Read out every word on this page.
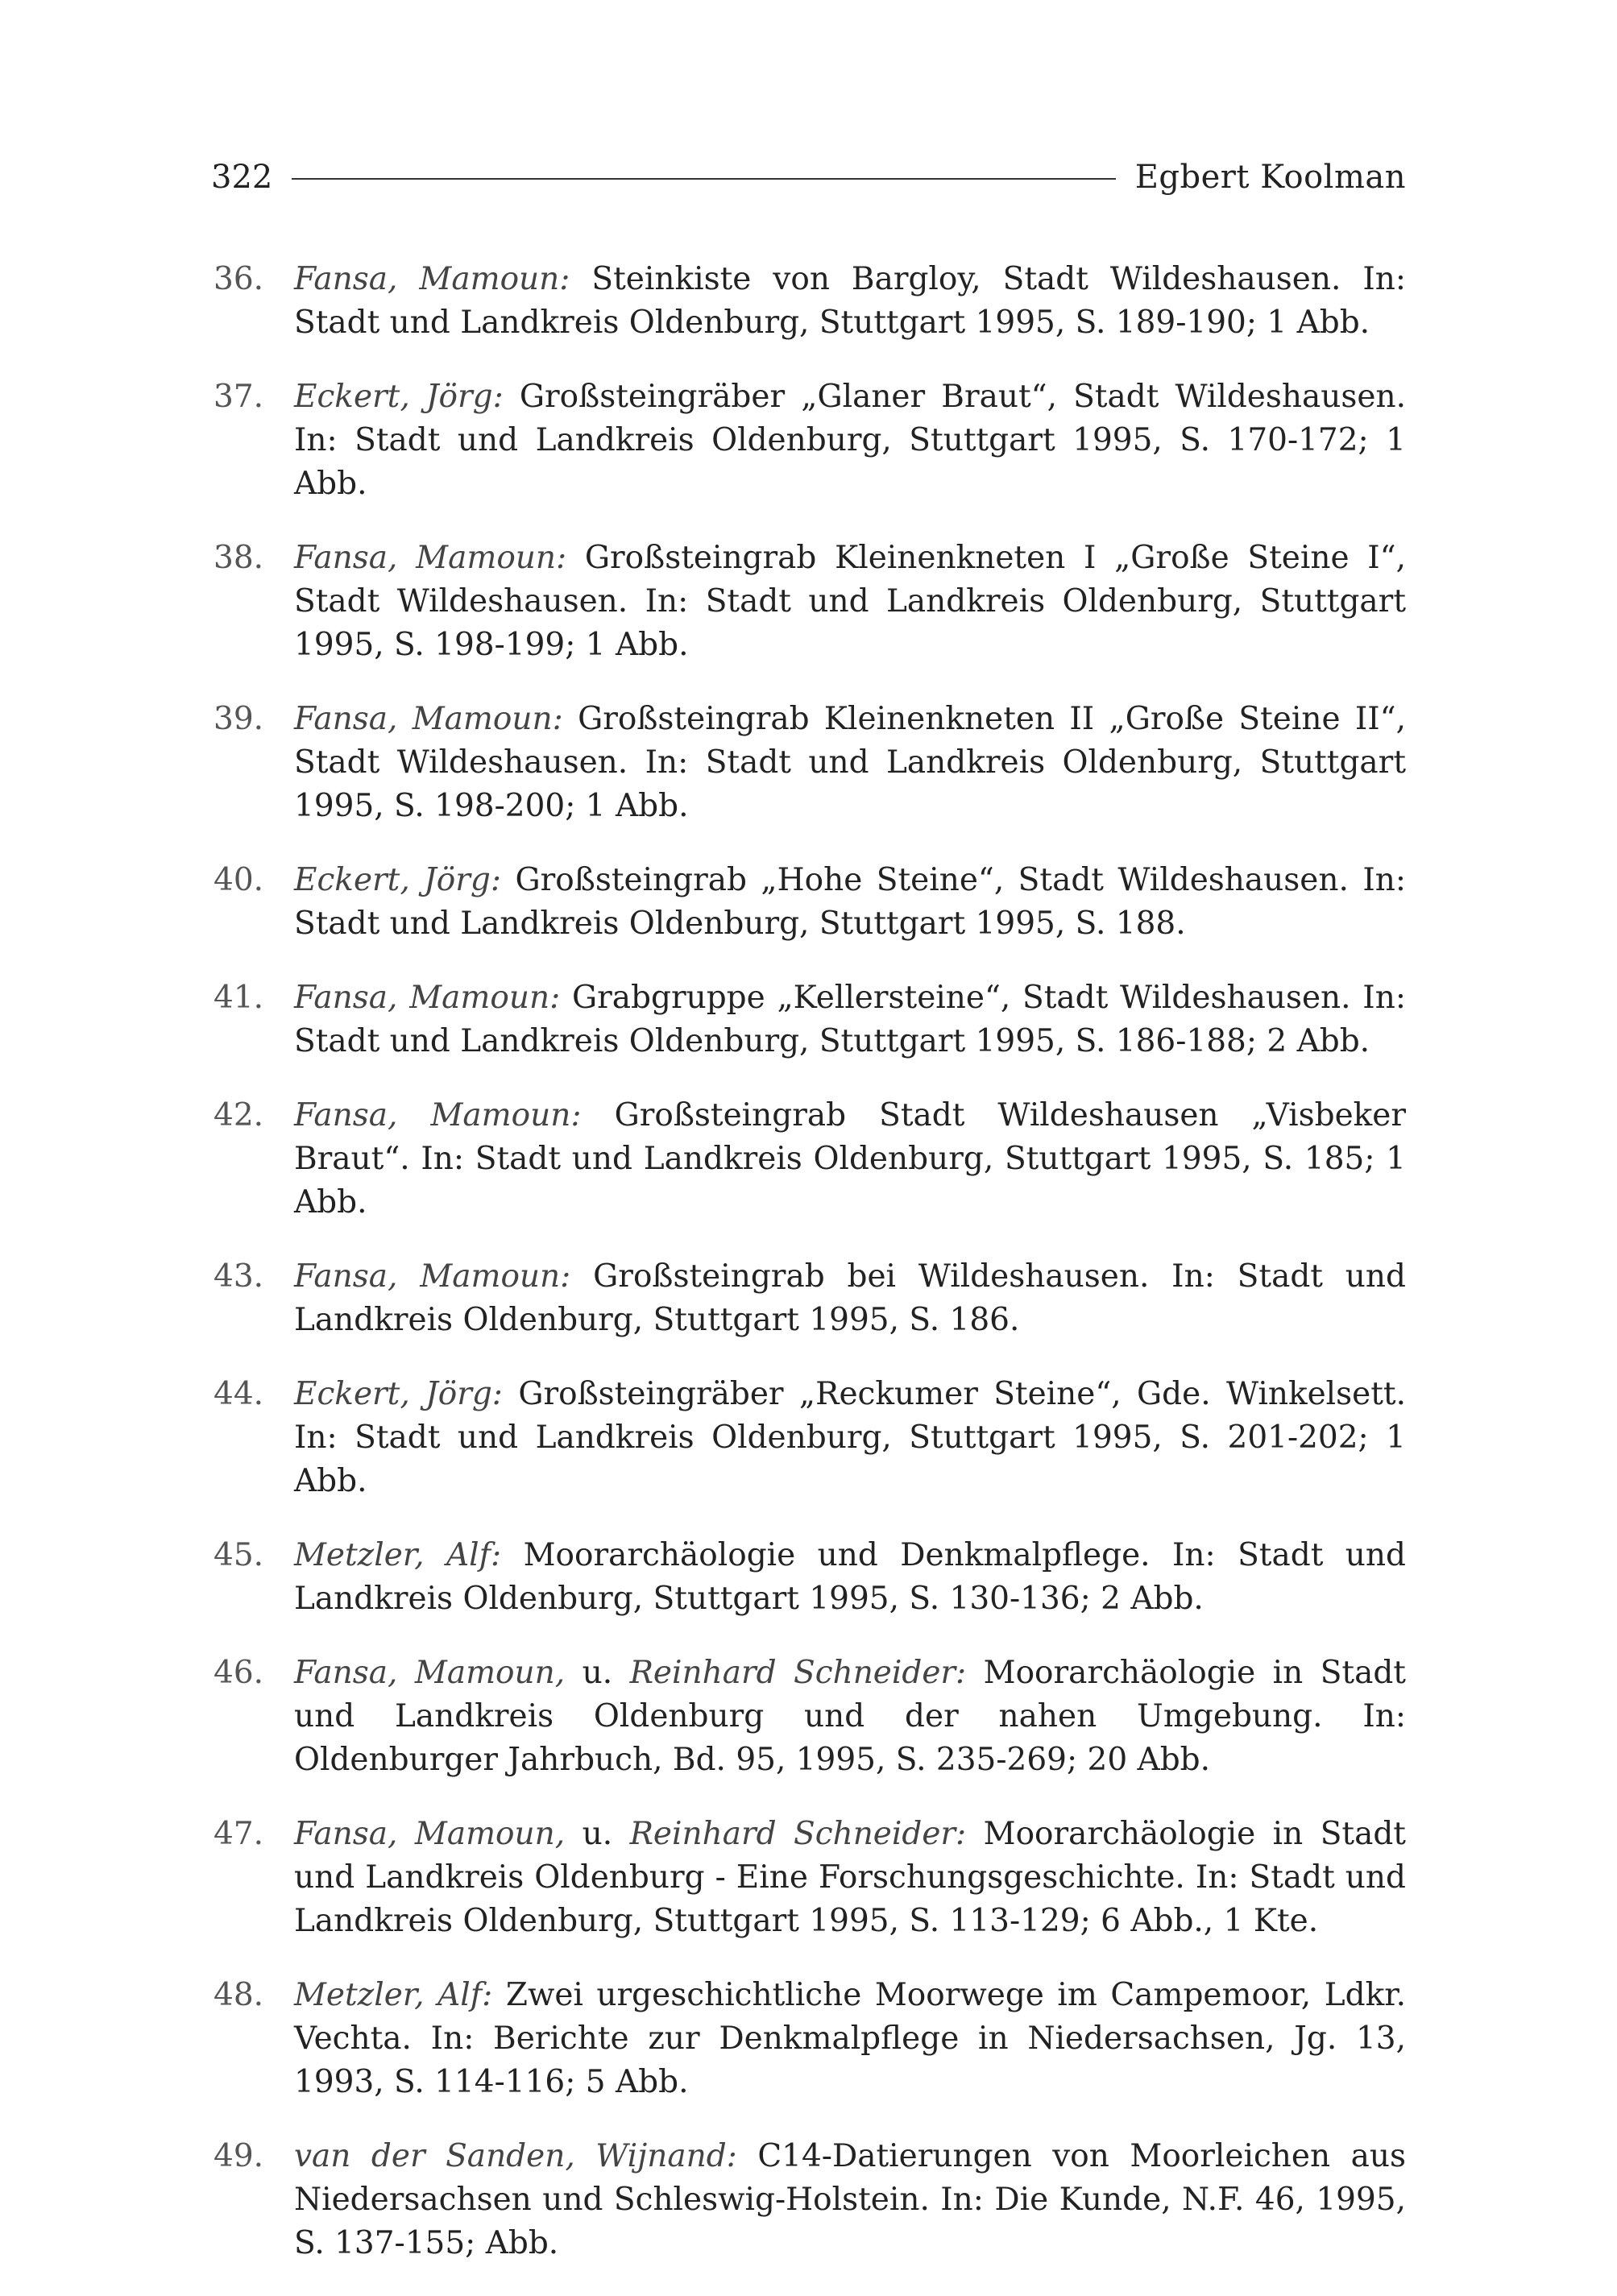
322	Egbert Koolman
36. Fansa, Mamoun: Steinkiste von Bargloy, Stadt Wildeshausen. In: Stadt und Landkreis Oldenburg, Stuttgart 1995, S. 189-190; 1 Abb.
37. Eckert, Jörg: Großsteingräber „Glaner Braut“, Stadt Wildeshausen. In: Stadt und Landkreis Oldenburg, Stuttgart 1995, S. 170-172; 1 Abb.
38. Fansa, Mamoun: Großsteingrab Kleinenkneten I „Große Steine I“, Stadt Wildeshausen. In: Stadt und Landkreis Oldenburg, Stuttgart 1995, S. 198-199; 1 Abb.
39. Fansa, Mamoun: Großsteingrab Kleinenkneten II „Große Steine II“, Stadt Wildeshausen. In: Stadt und Landkreis Oldenburg, Stuttgart 1995, S. 198-200; 1 Abb.
40. Eckert, Jörg: Großsteingrab „Hohe Steine“, Stadt Wildeshausen. In: Stadt und Landkreis Oldenburg, Stuttgart 1995, S. 188.
41. Fansa, Mamoun: Grabgruppe „Kellersteine“, Stadt Wildeshausen. In: Stadt und Landkreis Oldenburg, Stuttgart 1995, S. 186-188; 2 Abb.
42. Fansa, Mamoun: Großsteingrab Stadt Wildeshausen „Visbeker Braut“. In: Stadt und Landkreis Oldenburg, Stuttgart 1995, S. 185; 1 Abb.
43. Fansa, Mamoun: Großsteingrab bei Wildeshausen. In: Stadt und Landkreis Oldenburg, Stuttgart 1995, S. 186.
44. Eckert, Jörg: Großsteingräber „Reckumer Steine“, Gde. Winkelsett. In: Stadt und Landkreis Oldenburg, Stuttgart 1995, S. 201-202; 1 Abb.
45. Metzler, Alf: Moorarchäologie und Denkmalpflege. In: Stadt und Landkreis Oldenburg, Stuttgart 1995, S. 130-136; 2 Abb.
46. Fansa, Mamoun, u. Reinhard Schneider: Moorarchäologie in Stadt und Landkreis Oldenburg und der nahen Umgebung. In: Oldenburger Jahrbuch, Bd. 95, 1995, S. 235-269; 20 Abb.
47. Fansa, Mamoun, u. Reinhard Schneider: Moorarchäologie in Stadt und Landkreis Oldenburg - Eine Forschungsgeschichte. In: Stadt und Landkreis Oldenburg, Stuttgart 1995, S. 113-129; 6 Abb., 1 Kte.
48. Metzler, Alf: Zwei urgeschichtliche Moorwege im Campemoor, Ldkr. Vechta. In: Berichte zur Denkmalpflege in Niedersachsen, Jg. 13, 1993, S. 114-116; 5 Abb.
49. van der Sanden, Wijnand: C14-Datierungen von Moorleichen aus Niedersachsen und Schleswig-Holstein. In: Die Kunde, N.F. 46, 1995, S. 137-155; Abb.
